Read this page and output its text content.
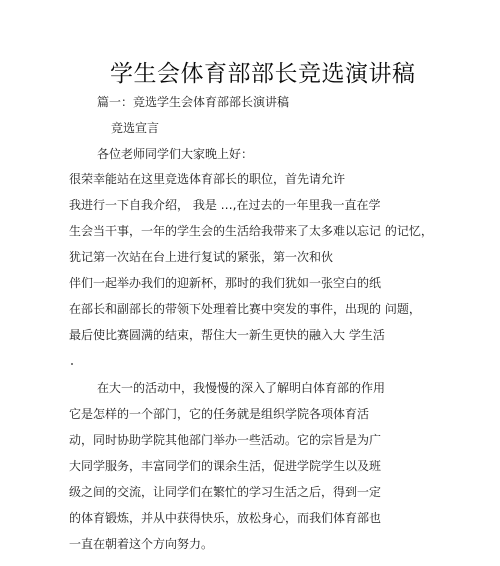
学生会体育部部长竞选演讲稿
篇一：竞选学生会体育部部长演讲稿
竞选宣言
各位老师同学们大家晚上好：
很荣幸能站在这里竞选体育部长的职位，首先请允许
我进行一下自我介绍， 我是 …,在过去的一年里我一直在学
生会当干事，一年的学生会的生活给我带来了太多难以忘记 的记忆，
犹记第一次站在台上进行复试的紧张，第一次和伙
伴们一起举办我们的迎新杯，那时的我们犹如一张空白的纸
在部长和副部长的带领下处理着比赛中突发的事件，出现的 问题，
最后使比赛圆满的结束，帮住大一新生更快的融入大 学生活
在大一的活动中，我慢慢的深入了解明白体育部的作用
它是怎样的一个部门，它的任务就是组织学院各项体育活
动，同时协助学院其他部门举办一些活动。它的宗旨是为广
大同学服务，丰富同学们的课余生活，促进学院学生以及班
级之间的交流，让同学们在繁忙的学习生活之后，得到一定
的体育锻炼，并从中获得快乐，放松身心，而我们体育部也
一直在朝着这个方向努力。
